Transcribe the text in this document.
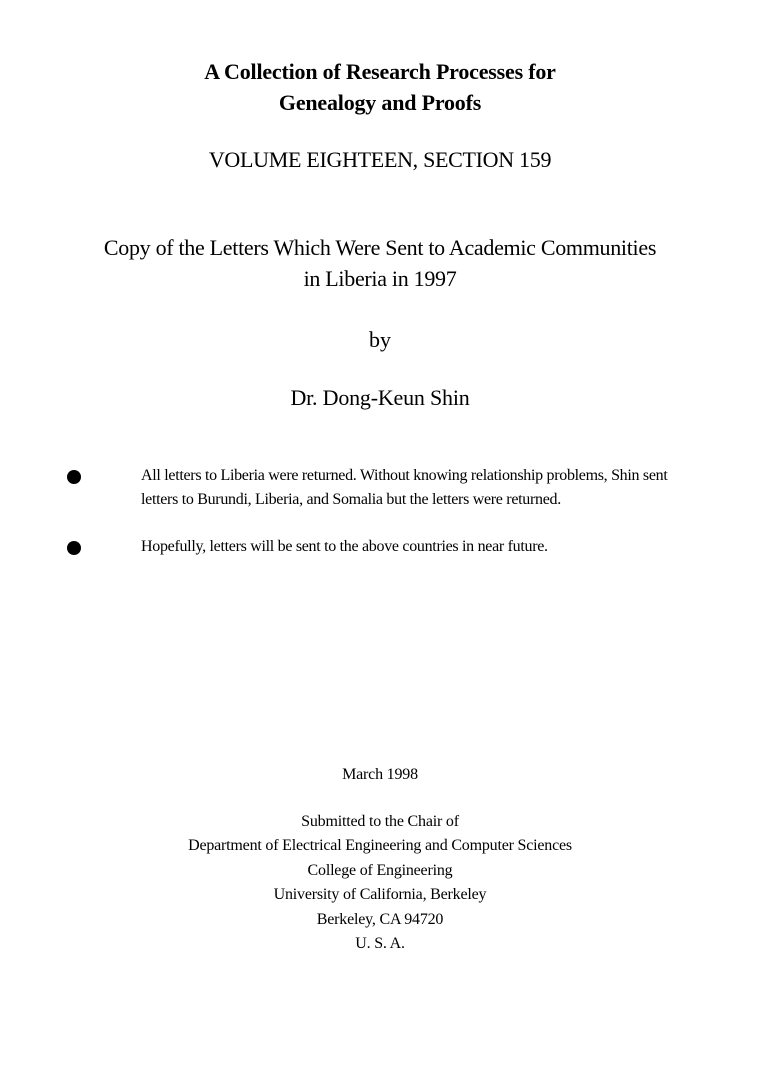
A Collection of Research Processes for
Genealogy and Proofs
VOLUME EIGHTEEN, SECTION 159
Copy of the Letters Which Were Sent to Academic Communities
in Liberia in 1997
by
Dr. Dong-Keun Shin
All letters to Liberia were returned. Without knowing relationship problems, Shin sent letters to Burundi, Liberia, and Somalia but the letters were returned.
Hopefully, letters will be sent to the above countries in near future.
March 1998
Submitted to the Chair of
Department of Electrical Engineering and Computer Sciences
College of Engineering
University of California, Berkeley
Berkeley, CA 94720
U. S. A.
